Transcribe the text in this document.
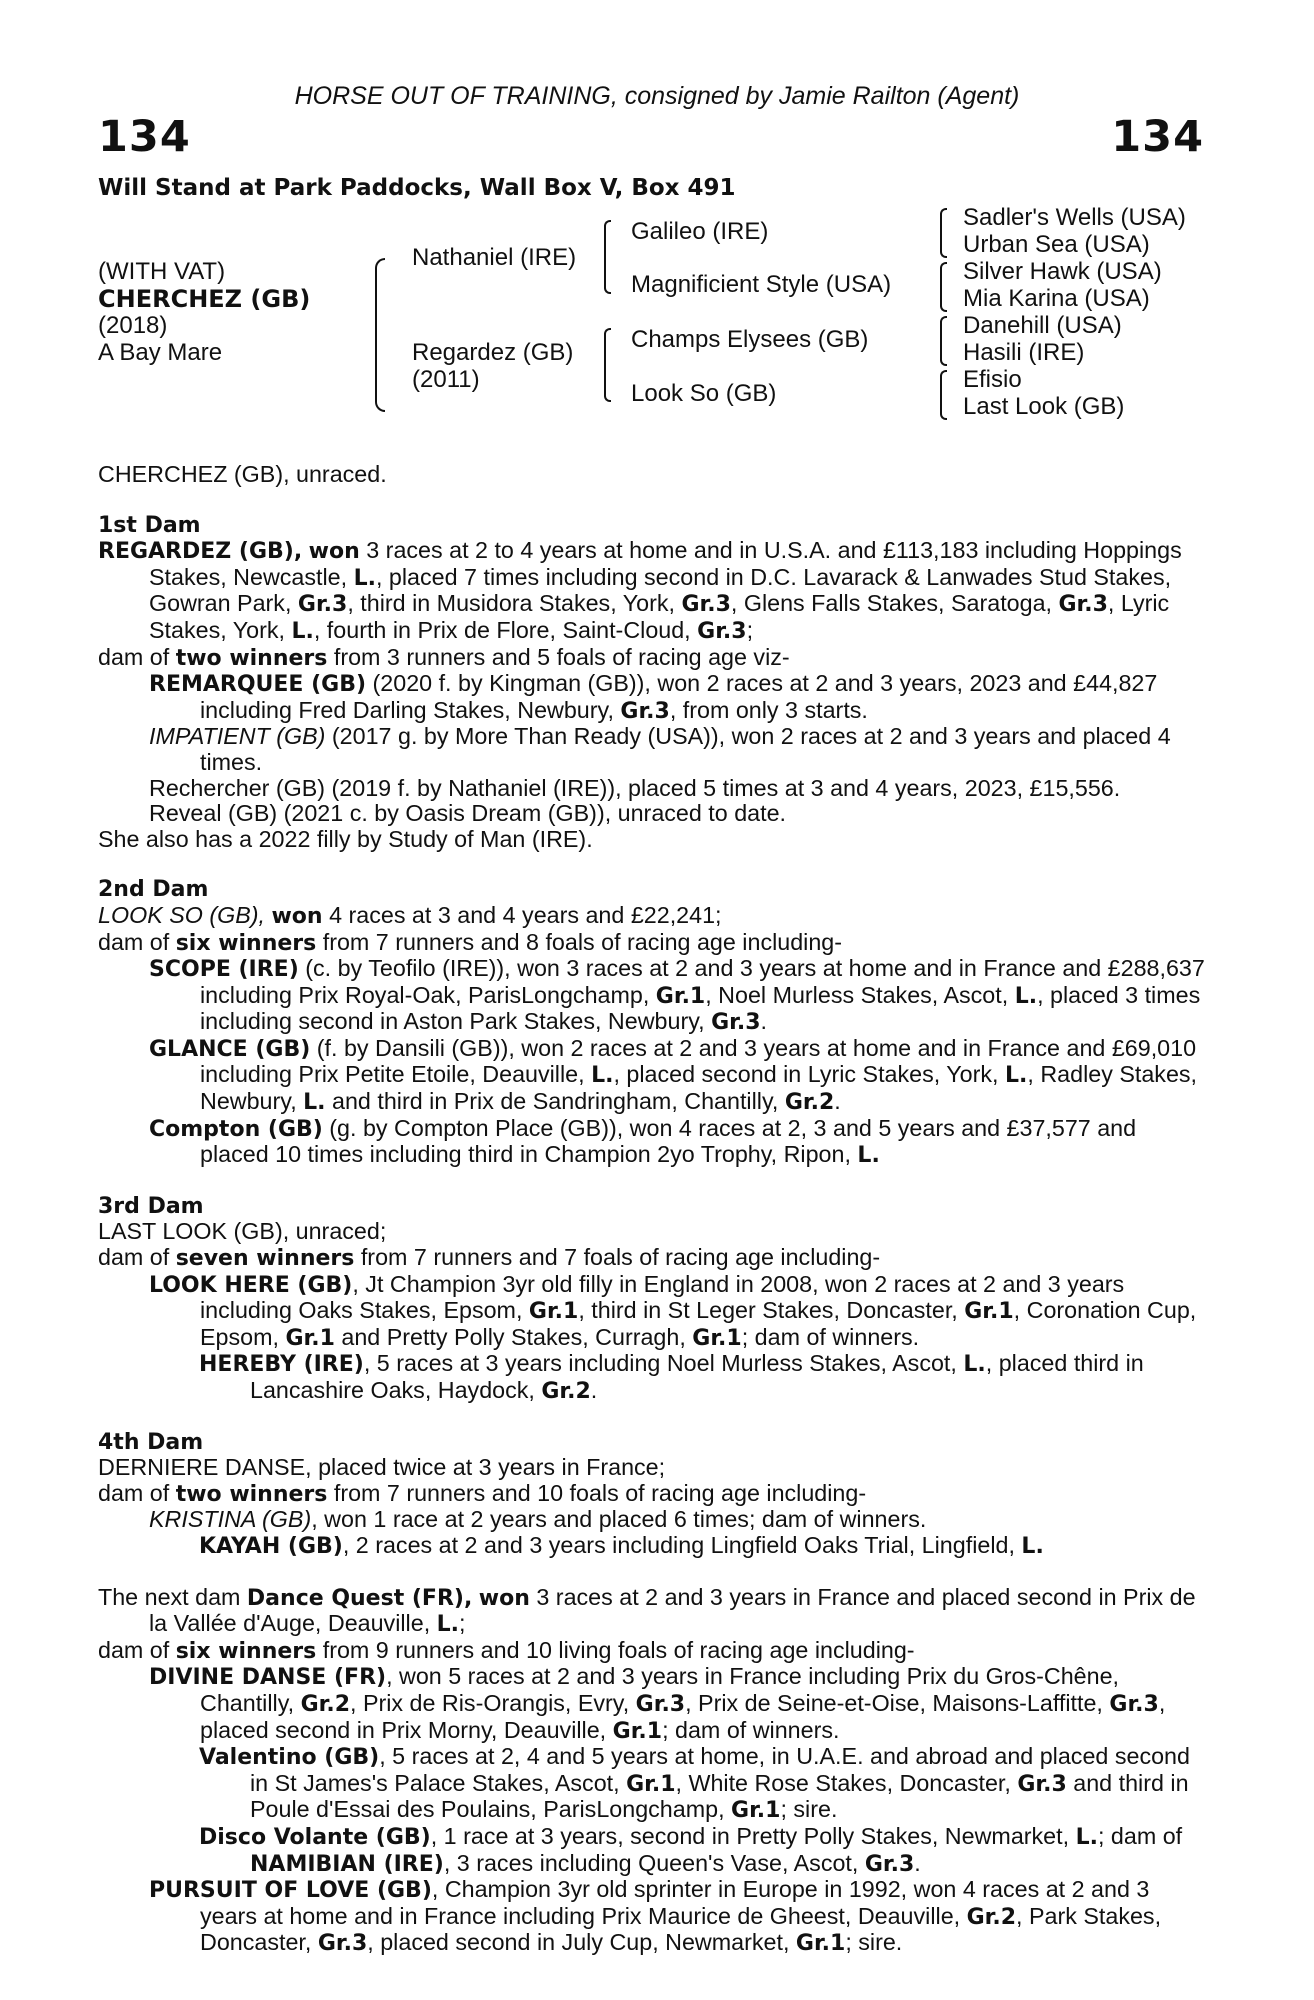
HORSE OUT OF TRAINING, consigned by Jamie Railton (Agent)
134	134
Will Stand at Park Paddocks, Wall Box V, Box 491
(WITH VAT)
CHERCHEZ (GB)
(2018)
A Bay Mare
Nathaniel (IRE)
Regardez (GB)
(2011)
Galileo (IRE)
Magnificient Style (USA)
Champs Elysees (GB)
Look So (GB)
Sadler's Wells (USA)
Urban Sea (USA)
Silver Hawk (USA)
Mia Karina (USA)
Danehill (USA)
Hasili (IRE)
Efisio
Last Look (GB)

CHERCHEZ (GB), unraced.

1st Dam

REGARDEZ (GB), won 3 races at 2 to 4 years at home and in U.S.A. and £113,183 including Hoppings Stakes, Newcastle, L., placed 7 times including second in D.C. Lavarack & Lanwades Stud Stakes, Gowran Park, Gr.3, third in Musidora Stakes, York, Gr.3, Glens Falls Stakes, Saratoga, Gr.3, Lyric Stakes, York, L., fourth in Prix de Flore, Saint-Cloud, Gr.3;

dam of two winners from 3 runners and 5 foals of racing age viz-

REMARQUEE (GB) (2020 f. by Kingman (GB)), won 2 races at 2 and 3 years, 2023 and £44,827 including Fred Darling Stakes, Newbury, Gr.3, from only 3 starts.

IMPATIENT (GB) (2017 g. by More Than Ready (USA)), won 2 races at 2 and 3 years and placed 4 times.

Rechercher (GB) (2019 f. by Nathaniel (IRE)), placed 5 times at 3 and 4 years, 2023, £15,556.

Reveal (GB) (2021 c. by Oasis Dream (GB)), unraced to date.

She also has a 2022 filly by Study of Man (IRE).

2nd Dam

LOOK SO (GB), won 4 races at 3 and 4 years and £22,241;

dam of six winners from 7 runners and 8 foals of racing age including-

SCOPE (IRE) (c. by Teofilo (IRE)), won 3 races at 2 and 3 years at home and in France and £288,637 including Prix Royal-Oak, ParisLongchamp, Gr.1, Noel Murless Stakes, Ascot, L., placed 3 times including second in Aston Park Stakes, Newbury, Gr.3.

GLANCE (GB) (f. by Dansili (GB)), won 2 races at 2 and 3 years at home and in France and £69,010 including Prix Petite Etoile, Deauville, L., placed second in Lyric Stakes, York, L., Radley Stakes, Newbury, L. and third in Prix de Sandringham, Chantilly, Gr.2.

Compton (GB) (g. by Compton Place (GB)), won 4 races at 2, 3 and 5 years and £37,577 and placed 10 times including third in Champion 2yo Trophy, Ripon, L.

3rd Dam

LAST LOOK (GB), unraced;

dam of seven winners from 7 runners and 7 foals of racing age including-

LOOK HERE (GB), Jt Champion 3yr old filly in England in 2008, won 2 races at 2 and 3 years including Oaks Stakes, Epsom, Gr.1, third in St Leger Stakes, Doncaster, Gr.1, Coronation Cup, Epsom, Gr.1 and Pretty Polly Stakes, Curragh, Gr.1; dam of winners.

HEREBY (IRE), 5 races at 3 years including Noel Murless Stakes, Ascot, L., placed third in Lancashire Oaks, Haydock, Gr.2.

4th Dam

DERNIERE DANSE, placed twice at 3 years in France;

dam of two winners from 7 runners and 10 foals of racing age including-

KRISTINA (GB), won 1 race at 2 years and placed 6 times; dam of winners.

KAYAH (GB), 2 races at 2 and 3 years including Lingfield Oaks Trial, Lingfield, L.

The next dam Dance Quest (FR), won 3 races at 2 and 3 years in France and placed second in Prix de la Vallée d'Auge, Deauville, L.;

dam of six winners from 9 runners and 10 living foals of racing age including-

DIVINE DANSE (FR), won 5 races at 2 and 3 years in France including Prix du Gros-Chêne, Chantilly, Gr.2, Prix de Ris-Orangis, Evry, Gr.3, Prix de Seine-et-Oise, Maisons-Laffitte, Gr.3, placed second in Prix Morny, Deauville, Gr.1; dam of winners.

Valentino (GB), 5 races at 2, 4 and 5 years at home, in U.A.E. and abroad and placed second in St James's Palace Stakes, Ascot, Gr.1, White Rose Stakes, Doncaster, Gr.3 and third in Poule d'Essai des Poulains, ParisLongchamp, Gr.1; sire.

Disco Volante (GB), 1 race at 3 years, second in Pretty Polly Stakes, Newmarket, L.; dam of NAMIBIAN (IRE), 3 races including Queen's Vase, Ascot, Gr.3.

PURSUIT OF LOVE (GB), Champion 3yr old sprinter in Europe in 1992, won 4 races at 2 and 3 years at home and in France including Prix Maurice de Gheest, Deauville, Gr.2, Park Stakes, Doncaster, Gr.3, placed second in July Cup, Newmarket, Gr.1; sire.
